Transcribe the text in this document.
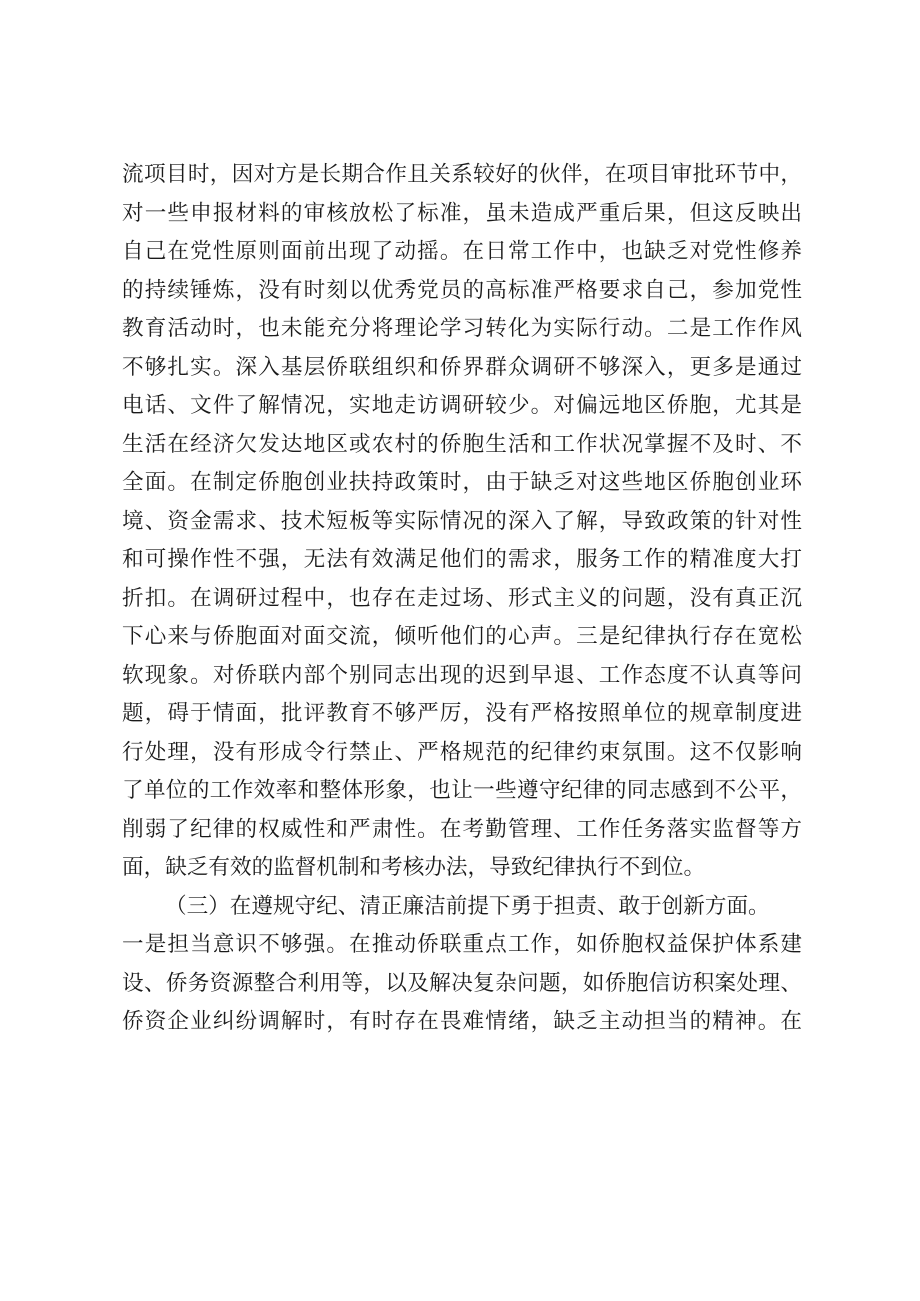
流项目时，因对方是长期合作且关系较好的伙伴，在项目审批环节中，
对一些申报材料的审核放松了标准，虽未造成严重后果，但这反映出
自己在党性原则面前出现了动摇。在日常工作中，也缺乏对党性修养
的持续锤炼，没有时刻以优秀党员的高标准严格要求自己，参加党性
教育活动时，也未能充分将理论学习转化为实际行动。二是工作作风
不够扎实。深入基层侨联组织和侨界群众调研不够深入，更多是通过
电话、文件了解情况，实地走访调研较少。对偏远地区侨胞，尤其是
生活在经济欠发达地区或农村的侨胞生活和工作状况掌握不及时、不
全面。在制定侨胞创业扶持政策时，由于缺乏对这些地区侨胞创业环
境、资金需求、技术短板等实际情况的深入了解，导致政策的针对性
和可操作性不强，无法有效满足他们的需求，服务工作的精准度大打
折扣。在调研过程中，也存在走过场、形式主义的问题，没有真正沉
下心来与侨胞面对面交流，倾听他们的心声。三是纪律执行存在宽松
软现象。对侨联内部个别同志出现的迟到早退、工作态度不认真等问
题，碍于情面，批评教育不够严厉，没有严格按照单位的规章制度进
行处理，没有形成令行禁止、严格规范的纪律约束氛围。这不仅影响
了单位的工作效率和整体形象，也让一些遵守纪律的同志感到不公平，
削弱了纪律的权威性和严肃性。在考勤管理、工作任务落实监督等方
面，缺乏有效的监督机制和考核办法，导致纪律执行不到位。
（三）在遵规守纪、清正廉洁前提下勇于担责、敢于创新方面。
一是担当意识不够强。在推动侨联重点工作，如侨胞权益保护体系建
设、侨务资源整合利用等，以及解决复杂问题，如侨胞信访积案处理、
侨资企业纠纷调解时，有时存在畏难情绪，缺乏主动担当的精神。在
